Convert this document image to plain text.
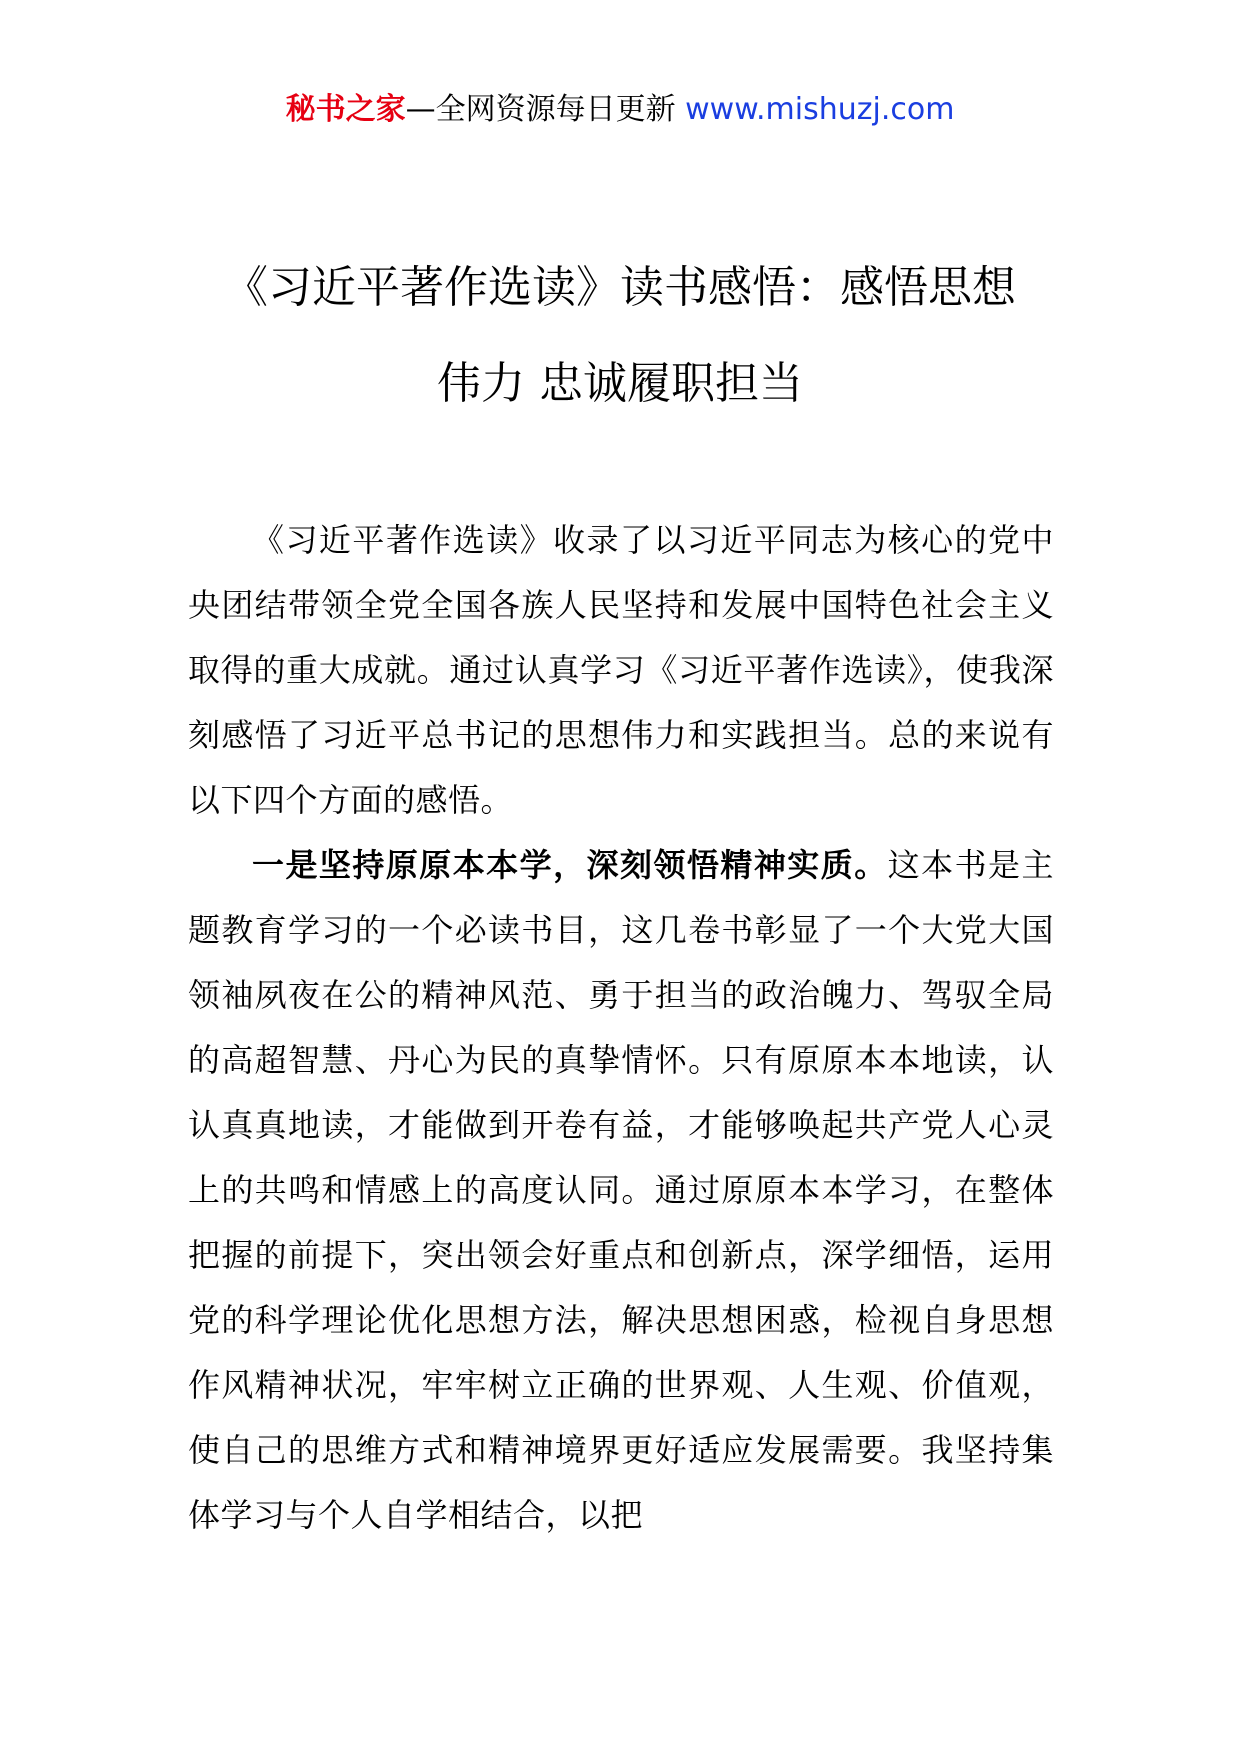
秘书之家—全网资源每日更新 www.mishuzj.com
《习近平著作选读》读书感悟：感悟思想
伟力 忠诚履职担当

《习近平著作选读》收录了以习近平同志为核心的党中央团结带领全党全国各族人民坚持和发展中国特色社会主义取得的重大成就。通过认真学习《习近平著作选读》，使我深刻感悟了习近平总书记的思想伟力和实践担当。总的来说有以下四个方面的感悟。

一是坚持原原本本学，深刻领悟精神实质。这本书是主题教育学习的一个必读书目，这几卷书彰显了一个大党大国领袖夙夜在公的精神风范、勇于担当的政治魄力、驾驭全局的高超智慧、丹心为民的真挚情怀。只有原原本本地读，认认真真地读，才能做到开卷有益，才能够唤起共产党人心灵上的共鸣和情感上的高度认同。通过原原本本学习，在整体把握的前提下，突出领会好重点和创新点，深学细悟，运用党的科学理论优化思想方法，解决思想困惑，检视自身思想作风精神状况，牢牢树立正确的世界观、人生观、价值观，使自己的思维方式和精神境界更好适应发展需要。我坚持集体学习与个人自学相结合，以把
